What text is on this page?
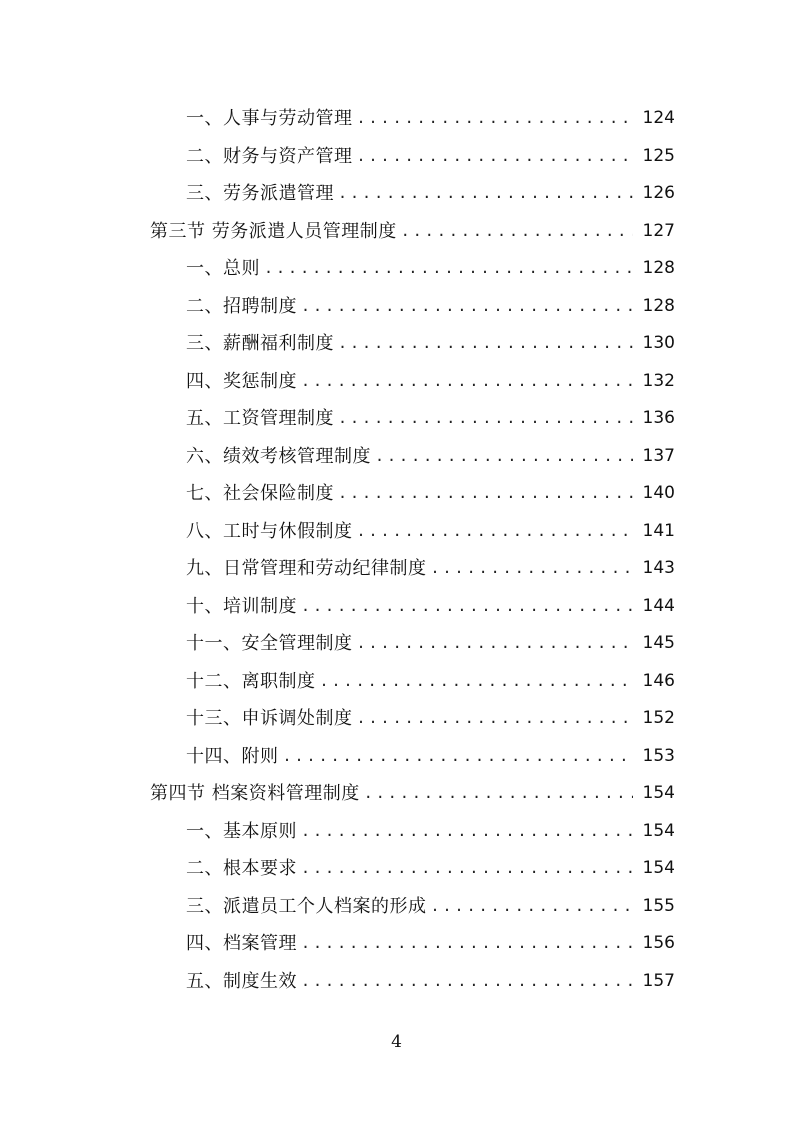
一、人事与劳动管理 .....	124
二、财务与资产管理 .....	125
三、劳务派遣管理 .....	126
第三节 劳务派遣人员管理制度 .....	127
一、总则 .....	128
二、招聘制度 .....	128
三、薪酬福利制度 .....	130
四、奖惩制度 .....	132
五、工资管理制度 .....	136
六、绩效考核管理制度 .....	137
七、社会保险制度 .....	140
八、工时与休假制度 .....	141
九、日常管理和劳动纪律制度 .....	143
十、培训制度 .....	144
十一、安全管理制度 .....	145
十二、离职制度 .....	146
十三、申诉调处制度 .....	152
十四、附则 .....	153
第四节 档案资料管理制度 .....	154
一、基本原则 .....	154
二、根本要求 .....	154
三、派遣员工个人档案的形成 .....	155
四、档案管理 .....	156
五、制度生效 .....	157
4
